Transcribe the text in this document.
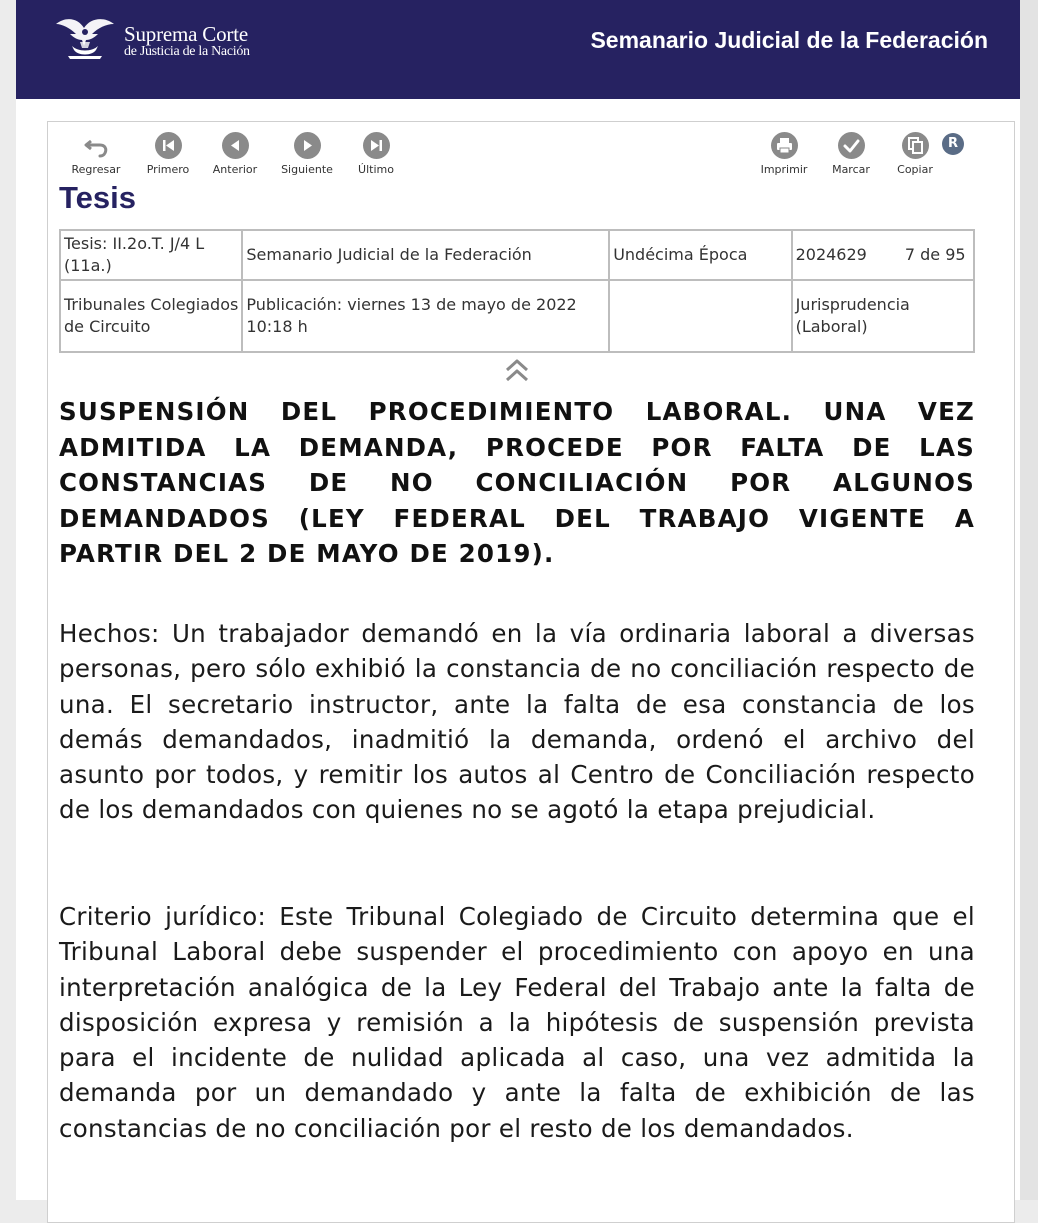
Suprema Corte
de Justicia de la Nación	Semanario Judicial de la Federación
Regresar	Primero	Anterior	Siguiente	Último	Imprimir	Marcar	Copiar
R
Tesis
Tesis: II.2o.T. J/4 L (11a.)	Semanario Judicial de la Federación	Undécima Época	2024629 7 de 95
Tribunales Colegiados de Circuito	Publicación: viernes 13 de mayo de 2022 10:18 h		Jurisprudencia (Laboral)
SUSPENSIÓN DEL PROCEDIMIENTO LABORAL. UNA VEZ ADMITIDA LA DEMANDA, PROCEDE POR FALTA DE LAS CONSTANCIAS DE NO CONCILIACIÓN POR ALGUNOS DEMANDADOS (LEY FEDERAL DEL TRABAJO VIGENTE A PARTIR DEL 2 DE MAYO DE 2019).
Hechos: Un trabajador demandó en la vía ordinaria laboral a diversas personas, pero sólo exhibió la constancia de no conciliación respecto de una. El secretario instructor, ante la falta de esa constancia de los demás demandados, inadmitió la demanda, ordenó el archivo del asunto por todos, y remitir los autos al Centro de Conciliación respecto de los demandados con quienes no se agotó la etapa prejudicial.
Criterio jurídico: Este Tribunal Colegiado de Circuito determina que el Tribunal Laboral debe suspender el procedimiento con apoyo en una interpretación analógica de la Ley Federal del Trabajo ante la falta de disposición expresa y remisión a la hipótesis de suspensión prevista para el incidente de nulidad aplicada al caso, una vez admitida la demanda por un demandado y ante la falta de exhibición de las constancias de no conciliación por el resto de los demandados.
